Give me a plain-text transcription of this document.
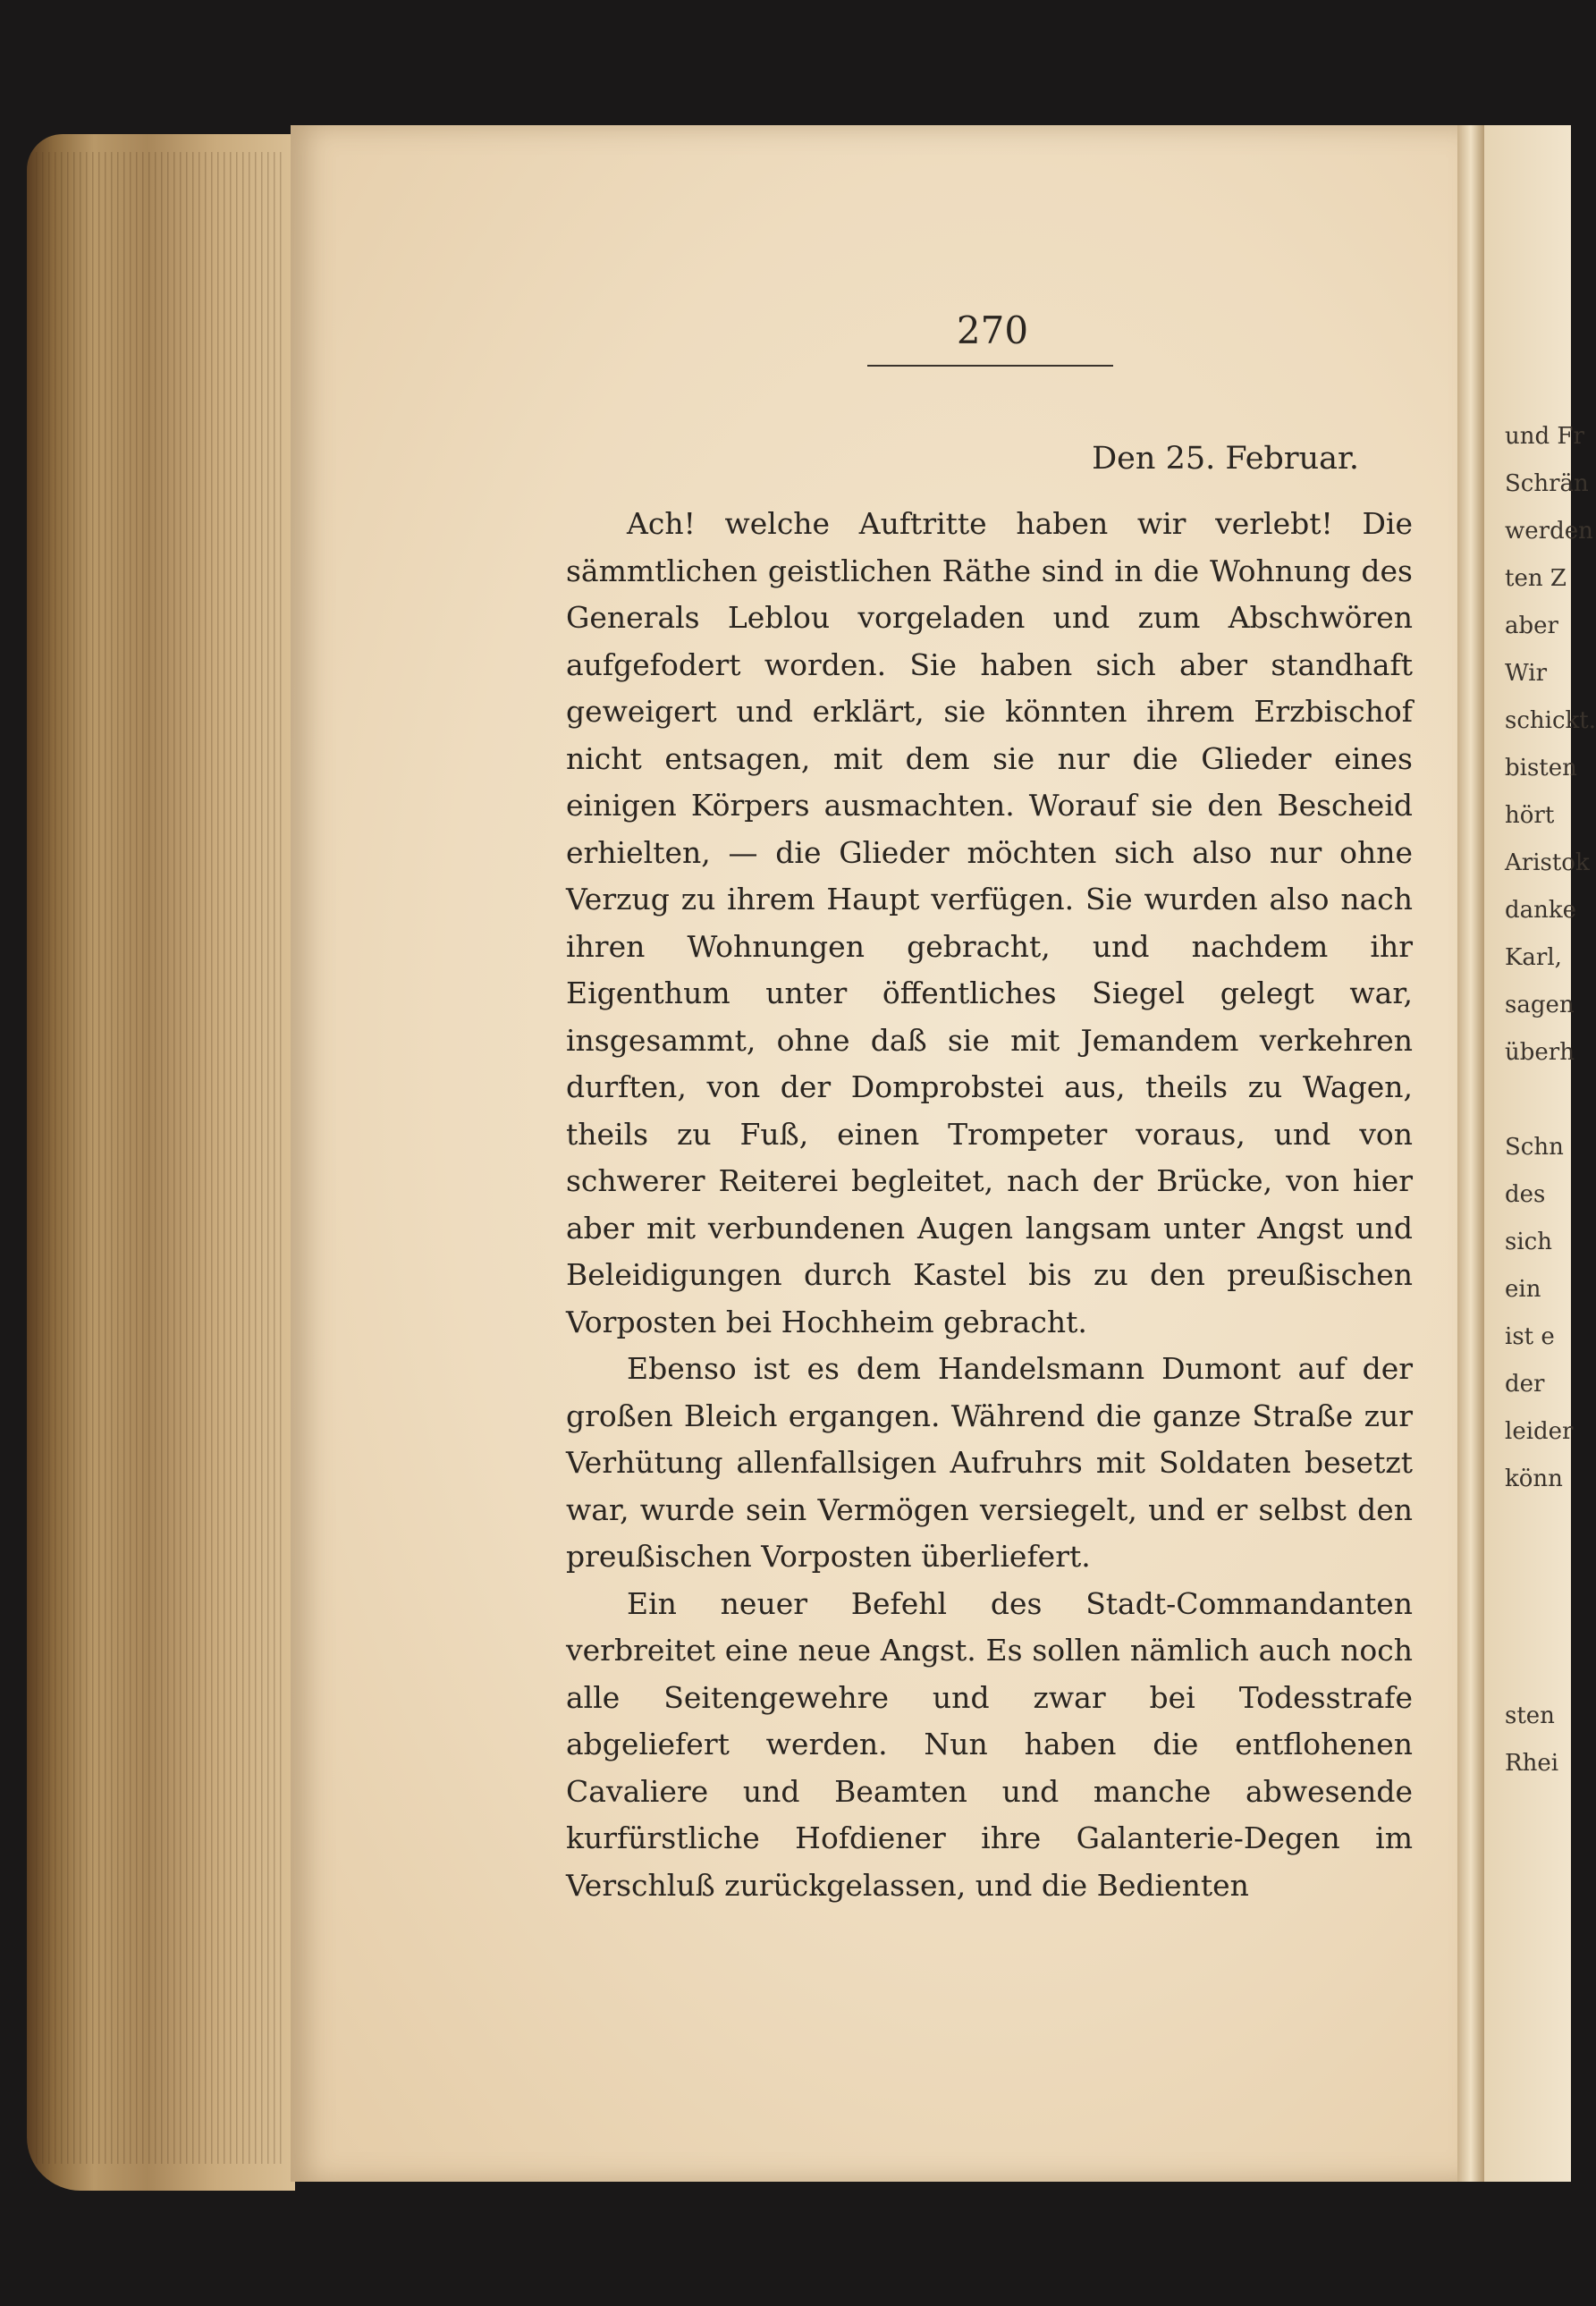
270
Den 25. Februar.

Ach! welche Auftritte haben wir verlebt! Die sämmtlichen geistlichen Räthe sind in die Wohnung des Generals Leblou vorgeladen und zum Abschwören aufgefodert worden. Sie haben sich aber standhaft geweigert und erklärt, sie könnten ihrem Erzbischof nicht entsagen, mit dem sie nur die Glieder eines einigen Körpers ausmachten. Worauf sie den Bescheid erhielten, — die Glieder möchten sich also nur ohne Verzug zu ihrem Haupt verfügen. Sie wurden also nach ihren Wohnungen gebracht, und nachdem ihr Eigenthum unter öffentliches Siegel gelegt war, insgesammt, ohne daß sie mit Jemandem verkehren durften, von der Domprobstei aus, theils zu Wagen, theils zu Fuß, einen Trompeter voraus, und von schwerer Reiterei begleitet, nach der Brücke, von hier aber mit verbundenen Augen langsam unter Angst und Beleidigungen durch Kastel bis zu den preußischen Vorposten bei Hochheim gebracht.

Ebenso ist es dem Handelsmann Dumont auf der großen Bleich ergangen. Während die ganze Straße zur Verhütung allenfallsigen Aufruhrs mit Soldaten besetzt war, wurde sein Vermögen versiegelt, und er selbst den preußischen Vorposten überliefert.

Ein neuer Befehl des Stadt-Commandanten verbreitet eine neue Angst. Es sollen nämlich auch noch alle Seitengewehre und zwar bei Todesstrafe abgeliefert werden. Nun haben die entflohenen Cavaliere und Beamten und manche abwesende kurfürstliche Hofdiener ihre Galanterie-Degen im Verschluß zurückgelassen, und die Bedienten

und Fr
Schrän
werden
ten Z
aber
Wir
schickt.
bisten
hört
Aristok
danke
Karl,
sagen
überh
Schn
des
sich
ein
ist e
der
leider
könn
sten
Rhei
